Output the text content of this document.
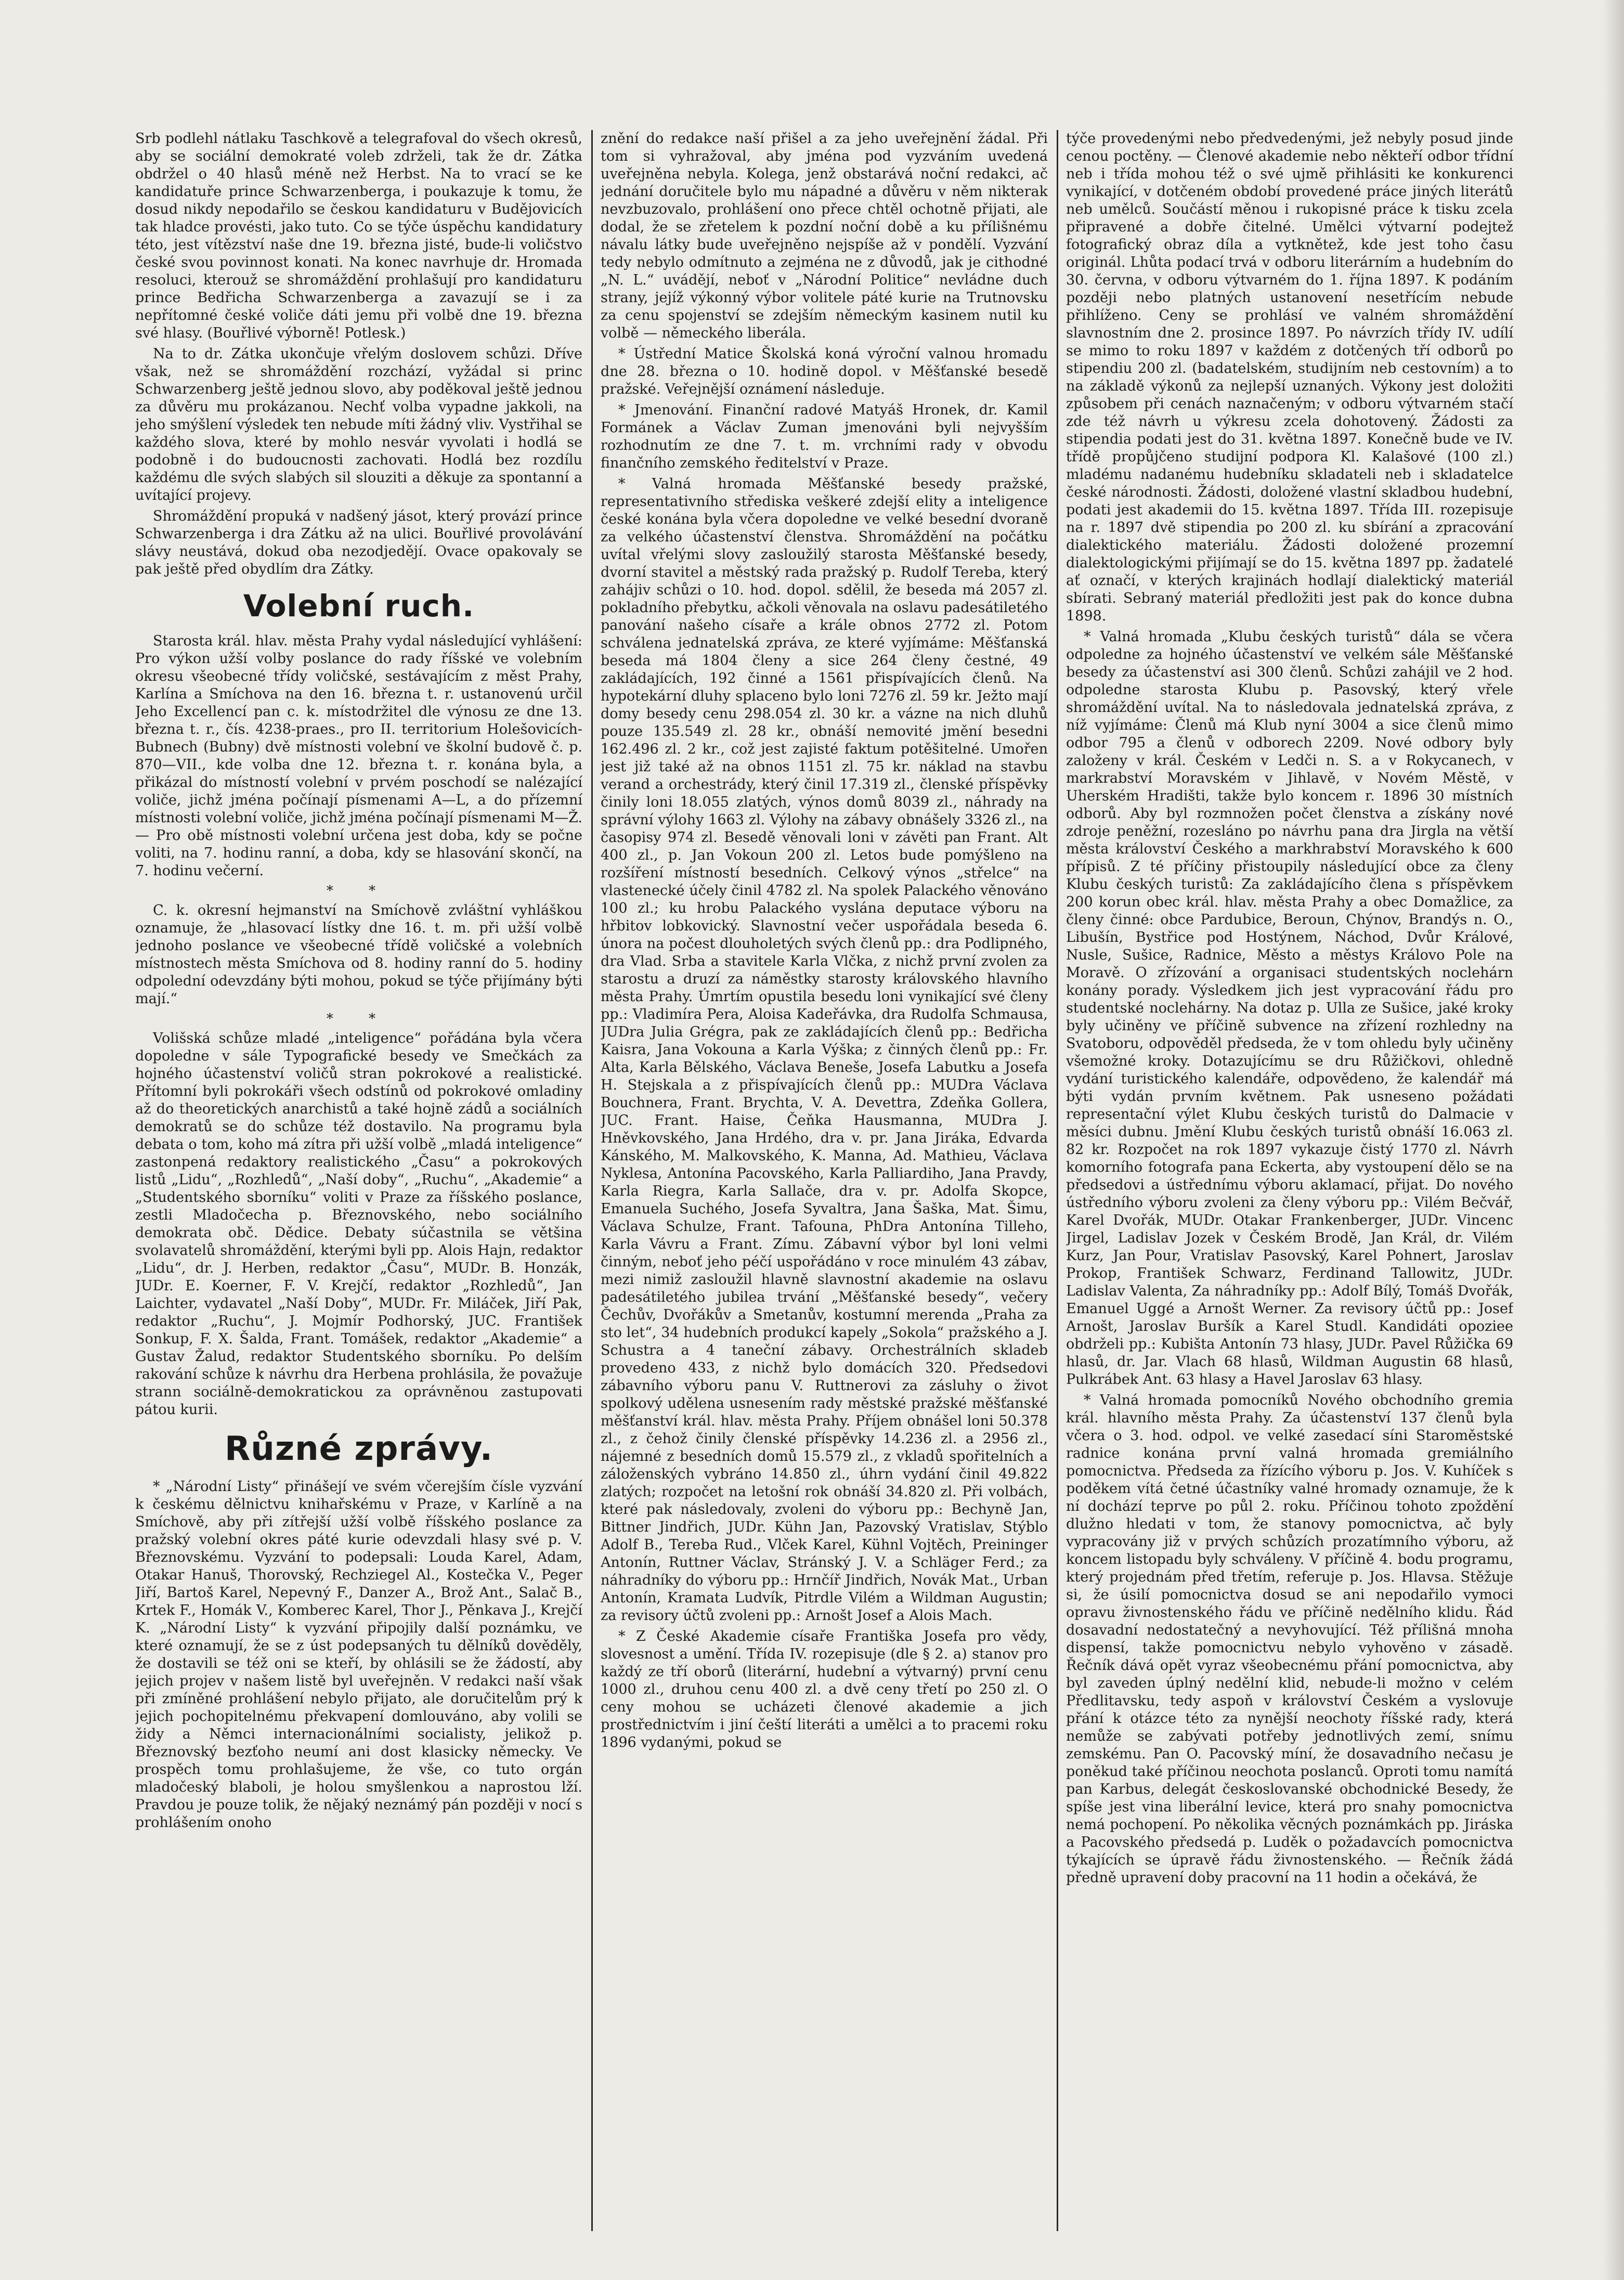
Srb podlehl nátlaku Taschkově a telegrafoval do všech okresů, aby se sociální demokraté voleb zdrželi, tak že dr. Zátka obdržel o 40 hlasů méně než Herbst. Na to vrací se ke kandidatuře prince Schwarzenberga, i poukazuje k tomu, že dosud nikdy nepodařilo se českou kandidaturu v Budějovicích tak hladce provésti, jako tuto. Co se týče úspěchu kandidatury této, jest vítězství naše dne 19. března jisté, bude-li voličstvo české svou povinnost konati. Na konec navrhuje dr. Hromada resoluci, kterouž se shromáždění prohlašují pro kandidaturu prince Bedřicha Schwarzenberga a zavazují se i za nepřítomné české voliče dáti jemu při volbě dne 19. března své hlasy. (Bouřlivé výborně! Potlesk.)

Na to dr. Zátka ukončuje vřelým doslovem schůzi. Dříve však, než se shromáždění rozchází, vyžádal si princ Schwarzenberg ještě jednou slovo, aby poděkoval ještě jednou za důvěru mu prokázanou. Nechť volba vypadne jakkoli, na jeho smýšlení výsledek ten nebude míti žádný vliv. Vystřihal se každého slova, které by mohlo nesvár vyvolati i hodlá se podobně i do budoucnosti zachovati. Hodlá bez rozdílu každému dle svých slabých sil slouziti a děkuje za spontanní a uvítající projevy.

Shromáždění propuká v nadšený jásot, který provází prince Schwarzenberga i dra Zátku až na ulici. Bouřlivé provolávání slávy neustává, dokud oba nezodjedějí. Ovace opakovaly se pak ještě před obydlím dra Zátky.

Volební ruch.

Starosta král. hlav. města Prahy vydal následující vyhlášení: Pro výkon užší volby poslance do rady říšské ve volebním okresu všeobecné třídy voličské, sestávajícím z měst Prahy, Karlína a Smíchova na den 16. března t. r. ustanovenú určil Jeho Excellencí pan c. k. místodržitel dle výnosu ze dne 13. března t. r., čís. 4238-praes., pro II. territorium Holešovicích-Bubnech (Bubny) dvě místnosti volební ve školní budově č. p. 870—VII., kde volba dne 12. března t. r. konána byla, a přikázal do místností volební v prvém poschodí se nalézající voliče, jichž jména počínají písmenami A—L, a do přízemní místnosti volební voliče, jichž jména počínají písmenami M—Ž. — Pro obě místnosti volební určena jest doba, kdy se počne voliti, na 7. hodinu ranní, a doba, kdy se hlasování skončí, na 7. hodinu večerní.

* *

C. k. okresní hejmanství na Smíchově zvláštní vyhláškou oznamuje, že „hlasovací lístky dne 16. t. m. při užší volbě jednoho poslance ve všeobecné třídě voličské a volebních místnostech města Smíchova od 8. hodiny ranní do 5. hodiny odpolední odevzdány býti mohou, pokud se týče přijímány býti mají.“

* *

Volišská schůze mladé „inteligence“ pořádána byla včera dopoledne v sále Typografické besedy ve Smečkách za hojného účastenství voličů stran pokrokové a realistické. Přítomní byli pokrokáři všech odstínů od pokrokové omladiny až do theoretických anarchistů a také hojně zádů a sociálních demokratů se do schůze též dostavilo. Na programu byla debata o tom, koho má zítra při užší volbě „mladá inteligence“ zastonpená redaktory realistického „Času“ a pokrokových listů „Lidu“, „Rozhledů“, „Naší doby“, „Ruchu“, „Akademie“ a „Studentského sborníku“ voliti v Praze za říšského poslance, zestli Mladočecha p. Březnovského, nebo sociálního demokrata obč. Dědice. Debaty súčastnila se většina svolavatelů shromáždění, kterými byli pp. Alois Hajn, redaktor „Lidu“, dr. J. Herben, redaktor „Času“, MUDr. B. Honzák, JUDr. E. Koerner, F. V. Krejčí, redaktor „Rozhledů“, Jan Laichter, vydavatel „Naší Doby“, MUDr. Fr. Miláček, Jiří Pak, redaktor „Ruchu“, J. Mojmír Podhorský, JUC. František Sonkup, F. X. Šalda, Frant. Tomášek, redaktor „Akademie“ a Gustav Žalud, redaktor Studentského sborníku. Po delším rakování schůze k návrhu dra Herbena prohlásila, že považuje strann sociálně-demokratickou za oprávněnou zastupovati pátou kurii.

Různé zprávy.

* „Národní Listy“ přinášejí ve svém včerejším čísle vyzvání k českému dělnictvu knihařskému v Praze, v Karlíně a na Smíchově, aby při zítřejší užší volbě říšského poslance za pražský volební okres páté kurie odevzdali hlasy své p. V. Březnovskému. Vyzvání to podepsali: Louda Karel, Adam, Otakar Hanuš, Thorovský, Rechziegel Al., Kostečka V., Peger Jiří, Bartoš Karel, Nepevný F., Danzer A., Brož Ant., Salač B., Krtek F., Homák V., Komberec Karel, Thor J., Pěnkava J., Krejčí K. „Národní Listy“ k vyzvání připojily další poznámku, ve které oznamují, že se z úst podepsaných tu dělníků dověděly, že dostavili se též oni se kteří, by ohlásili se že žádostí, aby jejich projev v našem listě byl uveřejněn. V redakci naší však při zmíněné prohlášení nebylo přijato, ale doručitelům prý k jejich pochopitelnému překvapení domlouváno, aby volili se židy a Němci internacionálními socialisty, jelikož p. Březnovský bezťoho neumí ani dost klasicky německy. Ve prospěch tomu prohlašujeme, že vše, co tuto orgán mladočeský blaboli, je holou smyšlenkou a naprostou lží. Pravdou je pouze tolik, že nějaký neznámý pán později v nocí s prohlášením onoho

znění do redakce naší přišel a za jeho uveřejnění žádal. Při tom si vyhražoval, aby jména pod vyzváním uvedená uveřejněna nebyla. Kolega, jenž obstarává noční redakci, ač jednání doručitele bylo mu nápadné a důvěru v něm nikterak nevzbuzovalo, prohlášení ono přece chtěl ochotně přijati, ale dodal, že se zřetelem k pozdní noční době a ku přílišnému návalu látky bude uveřejněno nejspíše až v pondělí. Vyzvání tedy nebylo odmítnuto a zejména ne z důvodů, jak je cithodné „N. L.“ uvádějí, neboť v „Národní Politice“ nevládne duch strany, jejíž výkonný výbor volitele páté kurie na Trutnovsku za cenu spojenství se zdejším německým kasinem nutil ku volbě — německého liberála.

* Ústřední Matice Školská koná výroční valnou hromadu dne 28. března o 10. hodině dopol. v Měšťanské besedě pražské. Veřejnější oznámení následuje.

* Jmenování. Finanční radové Matyáš Hronek, dr. Kamil Formánek a Václav Zuman jmenováni byli nejvyšším rozhodnutím ze dne 7. t. m. vrchními rady v obvodu finančního zemského ředitelství v Praze.

* Valná hromada Měšťanské besedy pražské, representativního střediska veškeré zdejší elity a inteligence české konána byla včera dopoledne ve velké besední dvoraně za velkého účastenství členstva. Shromáždění na počátku uvítal vřelými slovy zasloužilý starosta Měšťanské besedy, dvorní stavitel a městský rada pražský p. Rudolf Tereba, který zahájiv schůzi o 10. hod. dopol. sdělil, že beseda má 2057 zl. pokladního přebytku, ačkoli věnovala na oslavu padesátiletého panování našeho císaře a krále obnos 2772 zl. Potom schválena jednatelská zpráva, ze které vyjímáme: Měšťanská beseda má 1804 členy a sice 264 členy čestné, 49 zakládajících, 192 činné a 1561 přispívajících členů. Na hypotekární dluhy splaceno bylo loni 7276 zl. 59 kr. Ježto mají domy besedy cenu 298.054 zl. 30 kr. a vázne na nich dluhů pouze 135.549 zl. 28 kr., obnáší nemovité jmění besedni 162.496 zl. 2 kr., což jest zajisté faktum potěšitelné. Umořen jest již také až na obnos 1151 zl. 75 kr. náklad na stavbu verand a orchestrády, který činil 17.319 zl., členské příspěvky činily loni 18.055 zlatých, výnos domů 8039 zl., náhrady na správní výlohy 1663 zl. Výlohy na zábavy obnášely 3326 zl., na časopisy 974 zl. Besedě věnovali loni v závěti pan Frant. Alt 400 zl., p. Jan Vokoun 200 zl. Letos bude pomýšleno na rozšíření místností besedních. Celkový výnos „střelce“ na vlastenecké účely činil 4782 zl. Na spolek Palackého věnováno 100 zl.; ku hrobu Palackého vyslána deputace výboru na hřbitov lobkovický. Slavnostní večer uspořádala beseda 6. února na počest dlouholetých svých členů pp.: dra Podlipného, dra Vlad. Srba a stavitele Karla Vlčka, z nichž první zvolen za starostu a druzí za náměstky starosty královského hlavního města Prahy. Úmrtím opustila besedu loni vynikající své členy pp.: Vladimíra Pera, Aloisa Kadeřávka, dra Rudolfa Schmausa, JUDra Julia Grégra, pak ze zakládajících členů pp.: Bedřicha Kaisra, Jana Vokouna a Karla Výška; z činných členů pp.: Fr. Alta, Karla Bělského, Václava Beneše, Josefa Labutku a Josefa H. Stejskala a z přispívajících členů pp.: MUDra Václava Bouchnera, Frant. Brychta, V. A. Devettra, Zdeňka Gollera, JUC. Frant. Haise, Čeňka Hausmanna, MUDra J. Hněvkovského, Jana Hrdého, dra v. pr. Jana Jiráka, Edvarda Kánského, M. Malkovského, K. Manna, Ad. Mathieu, Václava Nyklesa, Antonína Pacovského, Karla Palliardiho, Jana Pravdy, Karla Riegra, Karla Sallače, dra v. pr. Adolfa Skopce, Emanuela Suchého, Josefa Syvaltra, Jana Šaška, Mat. Šimu, Václava Schulze, Frant. Tafouna, PhDra Antonína Tilleho, Karla Vávru a Frant. Zímu. Zábavní výbor byl loni velmi činným, neboť jeho péčí uspořádáno v roce minulém 43 zábav, mezi nimiž zasloužil hlavně slavnostní akademie na oslavu padesátiletého jubilea trvání „Měšťanské besedy“, večery Čechův, Dvořákův a Smetanův, kostumní merenda „Praha za sto let“, 34 hudebních produkcí kapely „Sokola“ pražského a J. Schustra a 4 taneční zábavy. Orchestrálních skladeb provedeno 433, z nichž bylo domácích 320. Předsedovi zábavního výboru panu V. Ruttnerovi za zásluhy o život spolkový udělena usnesením rady městské pražské měšťanské měšťanství král. hlav. města Prahy. Příjem obnášel loni 50.378 zl., z čehož činily členské příspěvky 14.236 zl. a 2956 zl., nájemné z besedních domů 15.579 zl., z vkladů spořitelních a záloženských vybráno 14.850 zl., úhrn vydání činil 49.822 zlatých; rozpočet na letošní rok obnáší 34.820 zl. Při volbách, které pak následovaly, zvoleni do výboru pp.: Bechyně Jan, Bittner Jindřich, JUDr. Kühn Jan, Pazovský Vratislav, Stýblo Adolf B., Tereba Rud., Vlček Karel, Kühnl Vojtěch, Preininger Antonín, Ruttner Václav, Stránský J. V. a Schläger Ferd.; za náhradníky do výboru pp.: Hrnčíř Jindřich, Novák Mat., Urban Antonín, Kramata Ludvík, Pitrdle Vilém a Wildman Augustin; za revisory účtů zvoleni pp.: Arnošt Josef a Alois Mach.

* Z České Akademie císaře Františka Josefa pro vědy, slovesnost a umění. Třída IV. rozepisuje (dle § 2. a) stanov pro každý ze tří oborů (literární, hudební a výtvarný) první cenu 1000 zl., druhou cenu 400 zl. a dvě ceny třetí po 250 zl. O ceny mohou se ucházeti členové akademie a jich prostřednictvím i jiní čeští literáti a umělci a to pracemi roku 1896 vydanými, pokud se

týče provedenými nebo předvedenými, jež nebyly posud jinde cenou poctěny. — Členové akademie nebo někteří odbor třídní neb i třída mohou též o své ujmě přihlásiti ke konkurenci vynikající, v dotčeném období provedené práce jiných literátů neb umělců. Součástí měnou i rukopisné práce k tisku zcela připravené a dobře čitelné. Umělci výtvarní podejtež fotografický obraz díla a vytknětež, kde jest toho času originál. Lhůta podací trvá v odboru literárním a hudebním do 30. června, v odboru výtvarném do 1. října 1897. K podáním později nebo platných ustanovení nesetřícím nebude přihlíženo. Ceny se prohlásí ve valném shromáždění slavnostním dne 2. prosince 1897. Po návrzích třídy IV. udílí se mimo to roku 1897 v každém z dotčených tří odborů po stipendiu 200 zl. (badatelském, studijním neb cestovním) a to na základě výkonů za nejlepší uznaných. Výkony jest doložiti způsobem při cenách naznačeným; v odboru výtvarném stačí zde též návrh u výkresu zcela dohotovený. Žádosti za stipendia podati jest do 31. května 1897. Konečně bude ve IV. třídě propůjčeno studijní podpora Kl. Kalašové (100 zl.) mladému nadanému hudebníku skladateli neb i skladatelce české národnosti. Žádosti, doložené vlastní skladbou hudební, podati jest akademii do 15. května 1897. Třída III. rozepisuje na r. 1897 dvě stipendia po 200 zl. ku sbírání a zpracování dialektického materiálu. Žádosti doložené prozemní dialektologickými přijímají se do 15. května 1897 pp. žadatelé ať označí, v kterých krajinách hodlají dialektický materiál sbírati. Sebraný materiál předložiti jest pak do konce dubna 1898.

* Valná hromada „Klubu českých turistů“ dála se včera odpoledne za hojného účastenství ve velkém sále Měšťanské besedy za účastenství asi 300 členů. Schůzi zahájil ve 2 hod. odpoledne starosta Klubu p. Pasovský, který vřele shromáždění uvítal. Na to následovala jednatelská zpráva, z níž vyjímáme: Členů má Klub nyní 3004 a sice členů mimo odbor 795 a členů v odborech 2209. Nové odbory byly založeny v král. Českém v Ledči n. S. a v Rokycanech, v markrabství Moravském v Jihlavě, v Novém Městě, v Uherském Hradišti, takže bylo koncem r. 1896 30 místních odborů. Aby byl rozmnožen počet členstva a získány nové zdroje peněžní, rozesláno po návrhu pana dra Jirgla na větší města království Českého a markhrabství Moravského k 600 přípisů. Z té příčiny přistoupily následující obce za členy Klubu českých turistů: Za zakládajícího člena s příspěvkem 200 korun obec král. hlav. města Prahy a obec Domažlice, za členy činné: obce Pardubice, Beroun, Chýnov, Brandýs n. O., Libušín, Bystřice pod Hostýnem, Náchod, Dvůr Králové, Nusle, Sušice, Radnice, Město a městys Královo Pole na Moravě. O zřízování a organisaci studentských noclehárn konány porady. Výsledkem jich jest vypracování řádu pro studentské noclehárny. Na dotaz p. Ulla ze Sušice, jaké kroky byly učiněny ve příčině subvence na zřízení rozhledny na Svatoboru, odpověděl předseda, že v tom ohledu byly učiněny všemožné kroky. Dotazujícímu se dru Růžičkovi, ohledně vydání turistického kalendáře, odpovědeno, že kalendář má býti vydán prvním květnem. Pak usneseno požádati representační výlet Klubu českých turistů do Dalmacie v měsíci dubnu. Jmění Klubu českých turistů obnáší 16.063 zl. 82 kr. Rozpočet na rok 1897 vykazuje čistý 1770 zl. Návrh komorního fotografa pana Eckerta, aby vystoupení dělo se na předsedovi a ústřednímu výboru aklamací, přijat. Do nového ústředního výboru zvoleni za členy výboru pp.: Vilém Bečvář, Karel Dvořák, MUDr. Otakar Frankenberger, JUDr. Vincenc Jirgel, Ladislav Jozek v Českém Brodě, Jan Král, dr. Vilém Kurz, Jan Pour, Vratislav Pasovský, Karel Pohnert, Jaroslav Prokop, František Schwarz, Ferdinand Tallowitz, JUDr. Ladislav Valenta, Za náhradníky pp.: Adolf Bílý, Tomáš Dvořák, Emanuel Uggé a Arnošt Werner. Za revisory účtů pp.: Josef Arnošt, Jaroslav Buršík a Karel Studl. Kandidáti opoziee obdrželi pp.: Kubišta Antonín 73 hlasy, JUDr. Pavel Růžička 69 hlasů, dr. Jar. Vlach 68 hlasů, Wildman Augustin 68 hlasů, Pulkrábek Ant. 63 hlasy a Havel Jaroslav 63 hlasy.

* Valná hromada pomocníků Nového obchodního gremia král. hlavního města Prahy. Za účastenství 137 členů byla včera o 3. hod. odpol. ve velké zasedací síni Staroměstské radnice konána první valná hromada gremiálního pomocnictva. Předseda za řízícího výboru p. Jos. V. Kuhíček s poděkem vítá četné účastníky valné hromady oznamuje, že k ní dochází teprve po půl 2. roku. Příčinou tohoto zpoždění dlužno hledati v tom, že stanovy pomocnictva, ač byly vypracovány již v prvých schůzích prozatímního výboru, až koncem listopadu byly schváleny. V příčině 4. bodu programu, který projednám před třetím, referuje p. Jos. Hlavsa. Stěžuje si, že úsilí pomocnictva dosud se ani nepodařilo vymoci opravu živnostenského řádu ve příčině nedělního klidu. Řád dosavadní nedostatečný a nevyhovující. Též přílišná mnoha dispensí, takže pomocnictvu nebylo vyhověno v zásadě. Řečník dává opět vyraz všeobecnému přání pomocnictva, aby byl zaveden úplný nedělní klid, nebude-li možno v celém Předlitavsku, tedy aspoň v království Českém a vyslovuje přání k otázce této za nynější neochoty říšské rady, která nemůže se zabývati potřeby jednotlivých zemí, snímu zemskému. Pan O. Pacovský míní, že dosavadního nečasu je poněkud také příčinou neochota poslanců. Oproti tomu namítá pan Karbus, delegát českoslovanské obchodnické Besedy, že spíše jest vina liberální levice, která pro snahy pomocnictva nemá pochopení. Po několika věcných poznámkách pp. Jiráska a Pacovského předsedá p. Luděk o požadavcích pomocnictva týkajících se úpravě řádu živnostenského. — Řečník žádá předně upravení doby pracovní na 11 hodin a očekává, že
